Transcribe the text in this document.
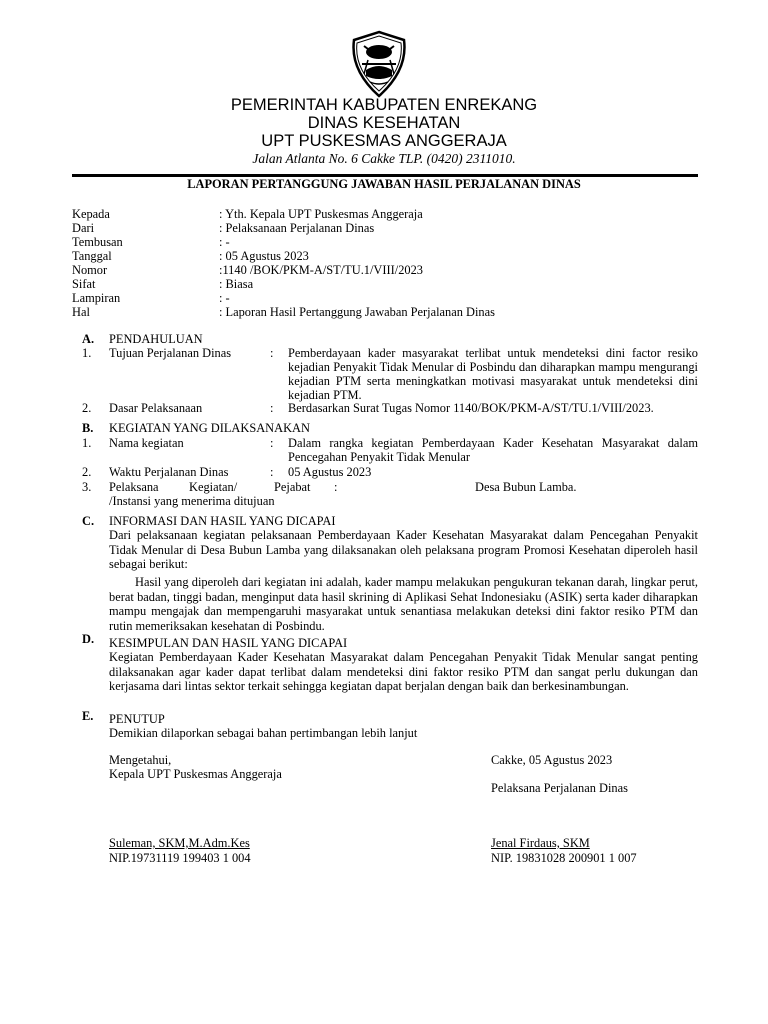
PEMERINTAH KABUPATEN ENREKANG
DINAS KESEHATAN
UPT PUSKESMAS ANGGERAJA
Jalan Atlanta No. 6 Cakke TLP. (0420) 2311010.
LAPORAN PERTANGGUNG JAWABAN HASIL PERJALANAN DINAS
Kepada	: Yth. Kepala UPT Puskesmas Anggeraja
Dari	: Pelaksanaan Perjalanan Dinas
Tembusan	: -
Tanggal	: 05 Agustus 2023
Nomor	:1140 /BOK/PKM-A/ST/TU.1/VIII/2023
Sifat	: Biasa
Lampiran	: -
Hal	: Laporan Hasil Pertanggung Jawaban Perjalanan Dinas
A. PENDAHULUAN
1. Tujuan Perjalanan Dinas	: Pemberdayaan kader masyarakat terlibat untuk mendeteksi dini factor resiko kejadian Penyakit Tidak Menular di Posbindu dan diharapkan mampu mengurangi kejadian PTM serta meningkatkan motivasi masyarakat untuk mendeteksi dini kejadian PTM.
2. Dasar Pelaksanaan	: Berdasarkan Surat Tugas Nomor 1140/BOK/PKM-A/ST/TU.1/VIII/2023.
B. KEGIATAN YANG DILAKSANAKAN
1. Nama kegiatan	: Dalam rangka kegiatan Pemberdayaan Kader Kesehatan Masyarakat dalam Pencegahan Penyakit Tidak Menular
2. Waktu Perjalanan Dinas	: 05 Agustus 2023
3. Pelaksana Kegiatan/	Pejabat :	Desa Bubun Lamba.
/Instansi yang menerima ditujuan
C. INFORMASI DAN HASIL YANG DICAPAI
Dari pelaksanaan kegiatan pelaksanaan Pemberdayaan Kader Kesehatan Masyarakat dalam Pencegahan Penyakit Tidak Menular di Desa Bubun Lamba yang dilaksanakan oleh pelaksana program Promosi Kesehatan diperoleh hasil sebagai berikut:
Hasil yang diperoleh dari kegiatan ini adalah, kader mampu melakukan pengukuran tekanan darah, lingkar perut, berat badan, tinggi badan, menginput data hasil skrining di Aplikasi Sehat Indonesiaku (ASIK) serta kader diharapkan mampu mengajak dan mempengaruhi masyarakat untuk senantiasa melakukan deteksi dini faktor resiko PTM dan rutin memeriksakan kesehatan di Posbindu.
D. KESIMPULAN DAN HASIL YANG DICAPAI
Kegiatan Pemberdayaan Kader Kesehatan Masyarakat dalam Pencegahan Penyakit Tidak Menular sangat penting dilaksanakan agar kader dapat terlibat dalam mendeteksi dini faktor resiko PTM dan sangat perlu dukungan dan kerjasama dari lintas sektor terkait sehingga kegiatan dapat berjalan dengan baik dan berkesinambungan.
E. PENUTUP
Demikian dilaporkan sebagai bahan pertimbangan lebih lanjut
Mengetahui,
Kepala UPT Puskesmas Anggeraja
Suleman, SKM,M.Adm.Kes
NIP.19731119 199403 1 004
Cakke, 05 Agustus 2023
Pelaksana Perjalanan Dinas
Jenal Firdaus, SKM
NIP. 19831028 200901 1 007
